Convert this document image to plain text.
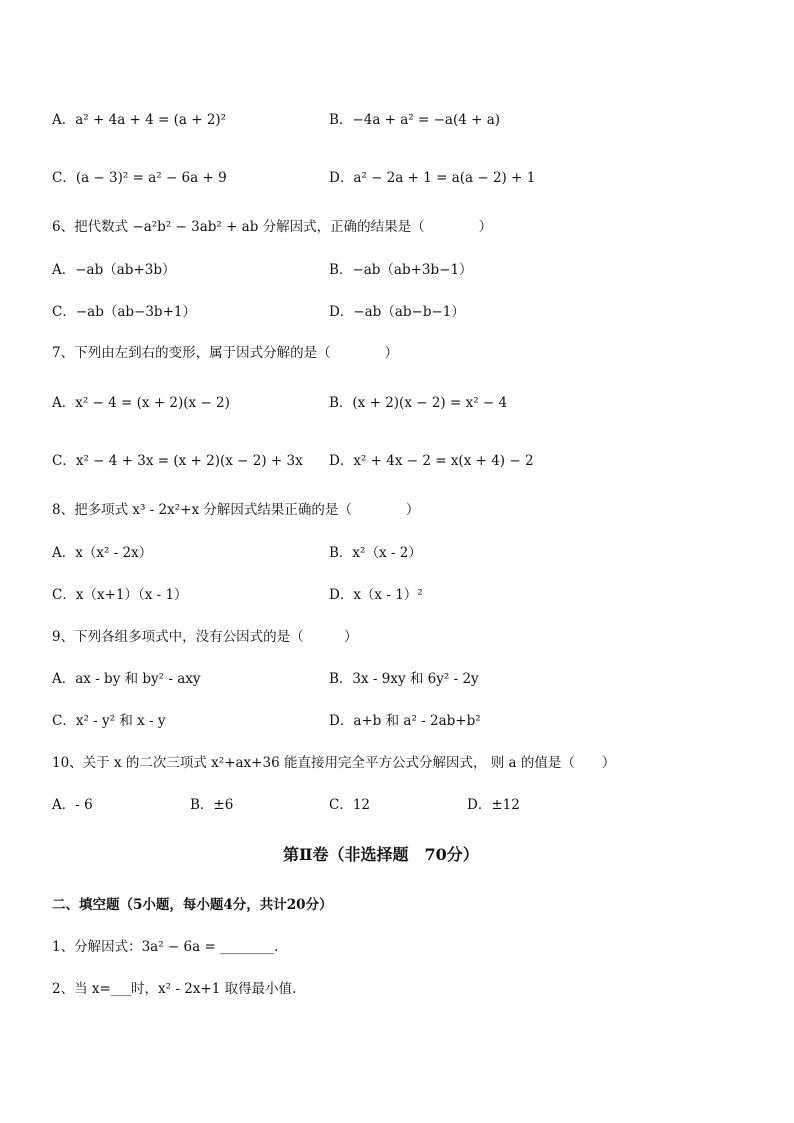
A．a² + 4a + 4 = (a + 2)²	B．−4a + a² = −a(4 + a)
C．(a − 3)² = a² − 6a + 9	D．a² − 2a + 1 = a(a − 2) + 1
6、把代数式 −a²b² − 3ab² + ab 分解因式，正确的结果是（　　　　）
A．−ab（ab+3b）	B．−ab（ab+3b−1）
C．−ab（ab−3b+1）	D．−ab（ab−b−1）
7、下列由左到右的变形，属于因式分解的是（　　　　）
A．x² − 4 = (x + 2)(x − 2)	B．(x + 2)(x − 2) = x² − 4
C．x² − 4 + 3x = (x + 2)(x − 2) + 3x D．x² + 4x − 2 = x(x + 4) − 2
8、把多项式 x³ - 2x²+x 分解因式结果正确的是（　　　　）
A．x（x² - 2x）	B．x²（x - 2）
C．x（x+1）（x - 1）	D．x（x - 1）²
9、下列各组多项式中，没有公因式的是（　　　）
A．ax - by 和 by² - axy	B．3x - 9xy 和 6y² - 2y
C．x² - y² 和 x - y	D．a+b 和 a² - 2ab+b²
10、关于 x 的二次三项式 x²+ax+36 能直接用完全平方公式分解因式， 则 a 的值是（　　）
A．- 6	B．±6	C．12	D．±12
第Ⅱ卷（非选择题　70分）
二、填空题（5小题，每小题4分，共计20分）
1、分解因式：3a² − 6a = ________.
2、当 x=___时，x² - 2x+1 取得最小值.
